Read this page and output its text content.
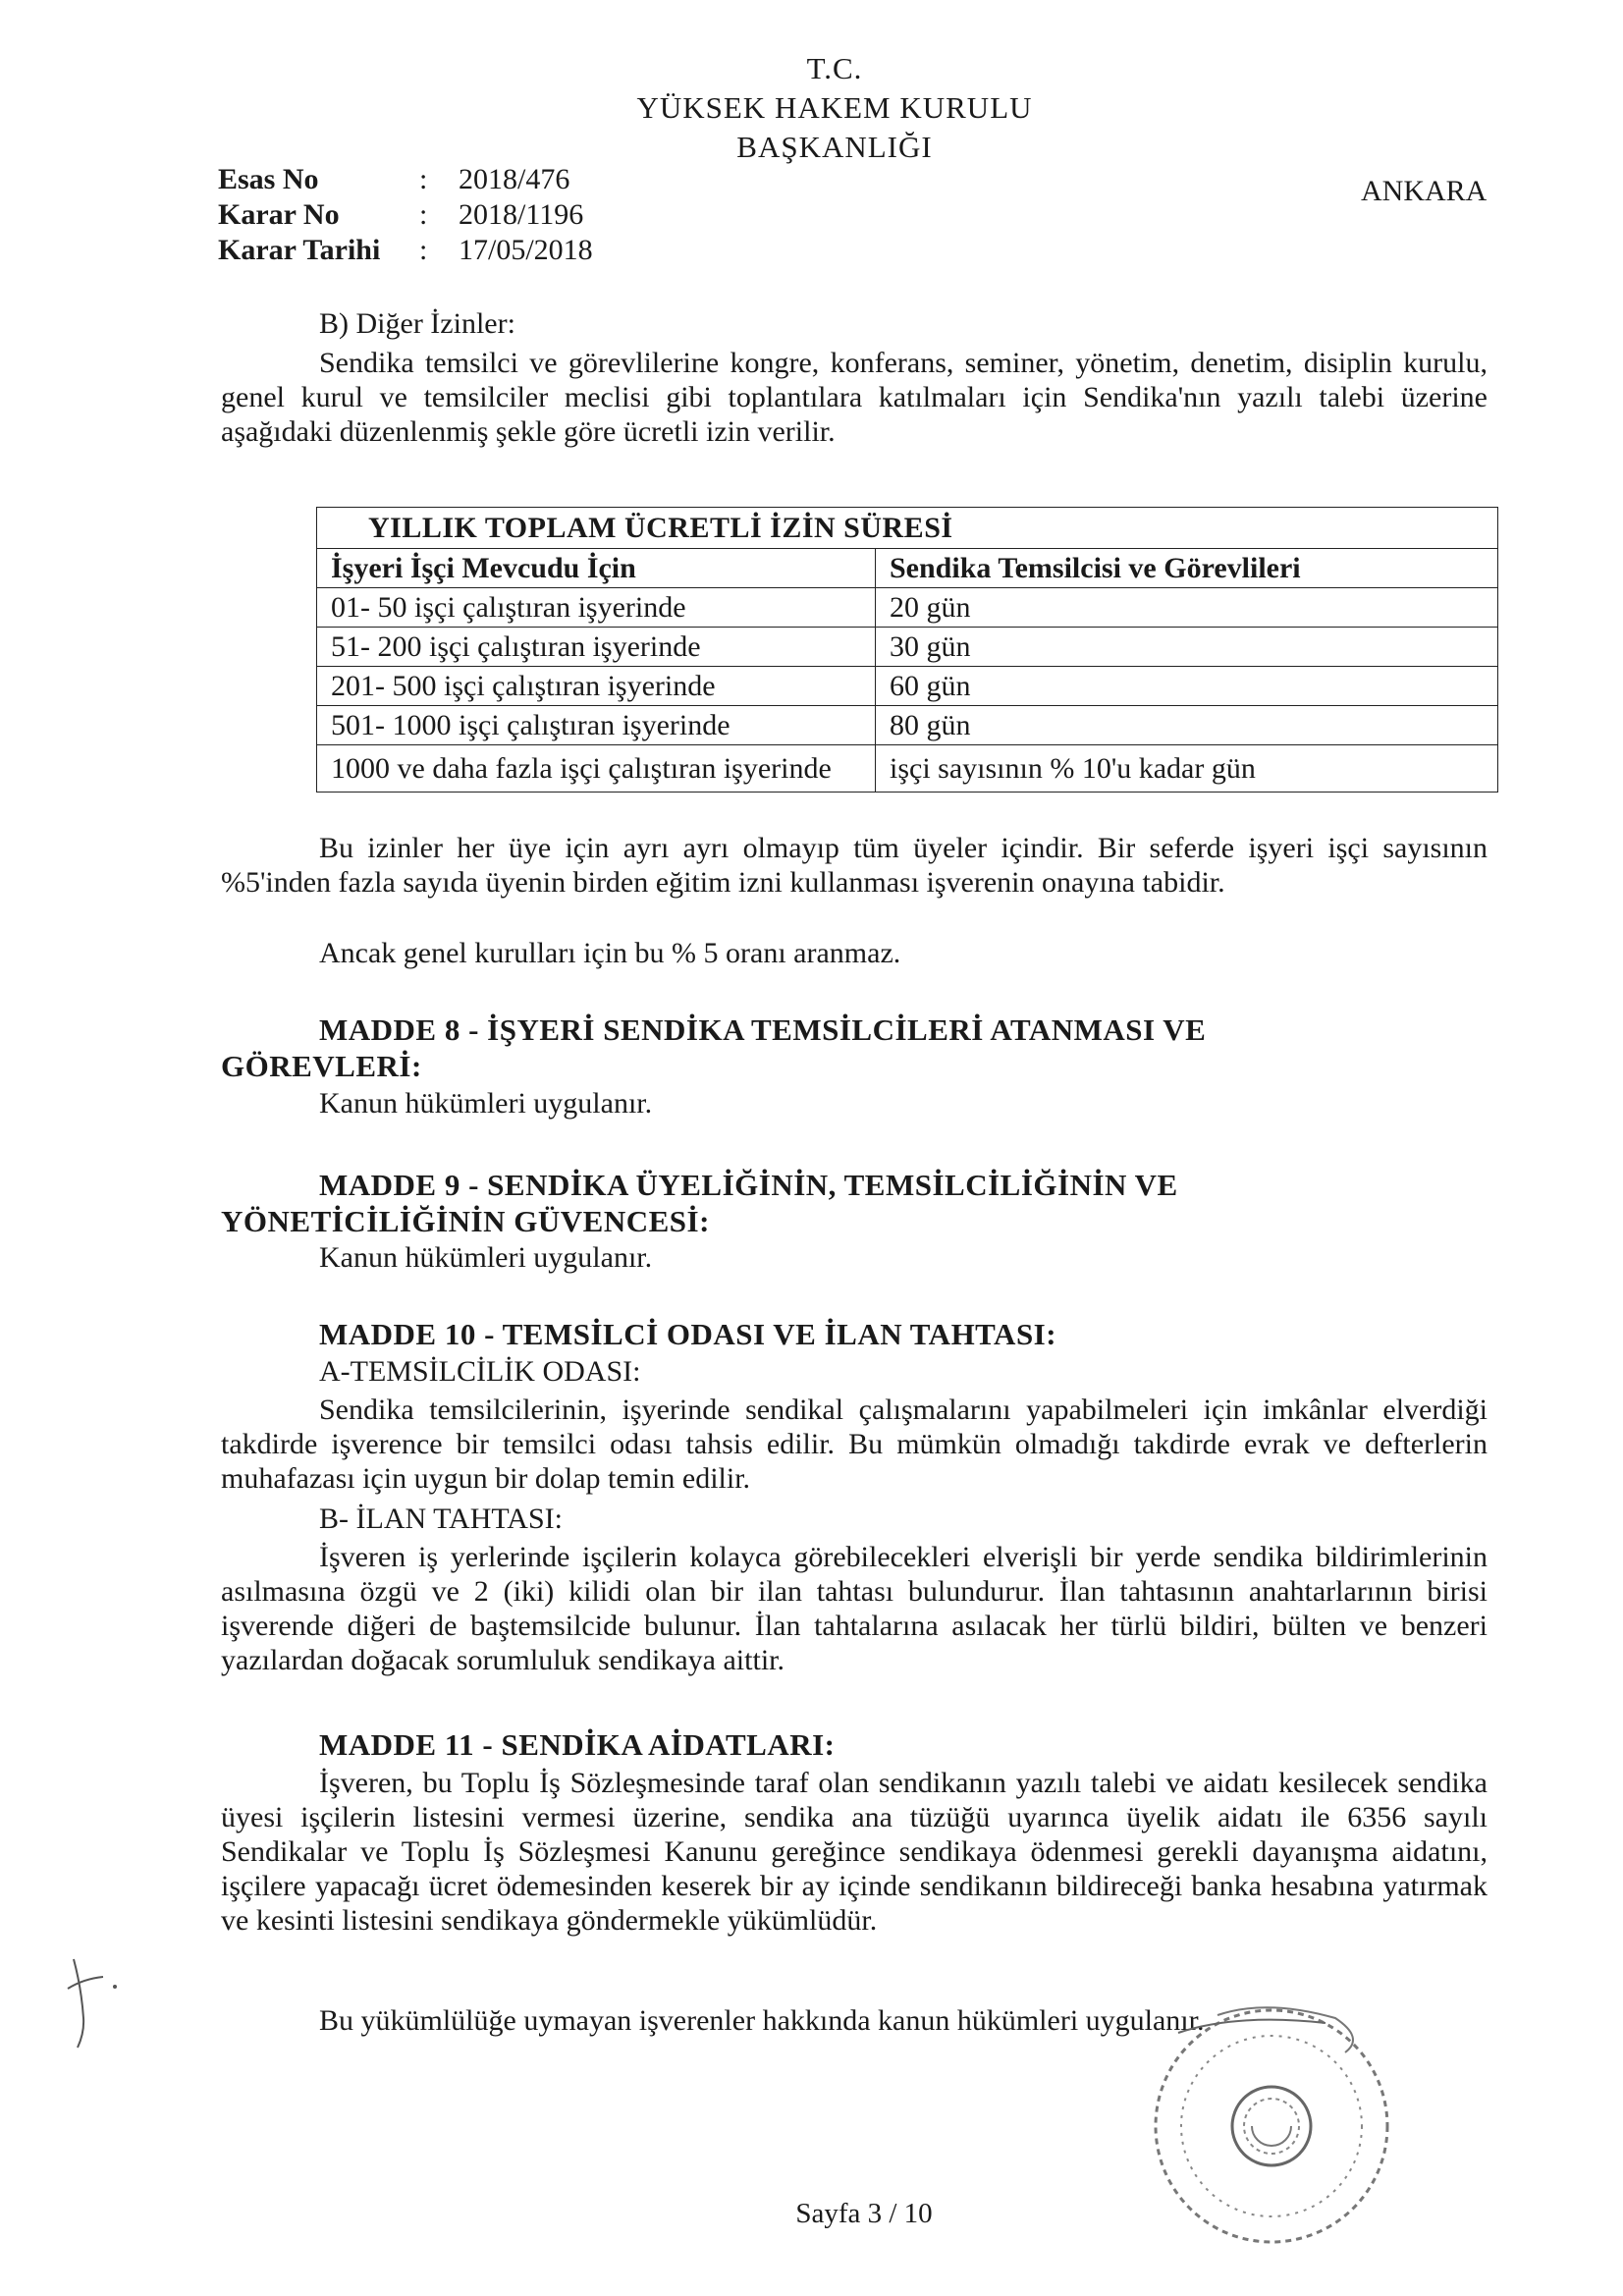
T.C.
YÜKSEK HAKEM KURULU
BAŞKANLIĞI
ANKARA
Esas No	:	2018/476
Karar No	:	2018/1196
Karar Tarihi	:	17/05/2018
B) Diğer İzinler:
Sendika temsilci ve görevlilerine kongre, konferans, seminer, yönetim, denetim, disiplin kurulu, genel kurul ve temsilciler meclisi gibi toplantılara katılmaları için Sendika'nın yazılı talebi üzerine aşağıdaki düzenlenmiş şekle göre ücretli izin verilir.
YILLIK TOPLAM ÜCRETLİ İZİN SÜRESİ	
İşyeri İşçi Mevcudu İçin	Sendika Temsilcisi ve Görevlileri
01- 50 işçi çalıştıran işyerinde	20 gün
51- 200 işçi çalıştıran işyerinde	30 gün
201- 500 işçi çalıştıran işyerinde	60 gün
501- 1000 işçi çalıştıran işyerinde	80 gün
1000 ve daha fazla işçi çalıştıran işyerinde	işçi sayısının % 10'u kadar gün
Bu izinler her üye için ayrı ayrı olmayıp tüm üyeler içindir. Bir seferde işyeri işçi sayısının %5'inden fazla sayıda üyenin birden eğitim izni kullanması işverenin onayına tabidir.
Ancak genel kurulları için bu % 5 oranı aranmaz.
MADDE 8 - İŞYERİ SENDİKA TEMSİLCİLERİ ATANMASI VE
GÖREVLERİ:
Kanun hükümleri uygulanır.
MADDE 9 - SENDİKA ÜYELİĞİNİN, TEMSİLCİLİĞİNİN VE
YÖNETİCİLİĞİNİN GÜVENCESİ:
Kanun hükümleri uygulanır.
MADDE 10 - TEMSİLCİ ODASI VE İLAN TAHTASI:
A-TEMSİLCİLİK ODASI:
Sendika temsilcilerinin, işyerinde sendikal çalışmalarını yapabilmeleri için imkânlar elverdiği takdirde işverence bir temsilci odası tahsis edilir. Bu mümkün olmadığı takdirde evrak ve defterlerin muhafazası için uygun bir dolap temin edilir.
B- İLAN TAHTASI:
İşveren iş yerlerinde işçilerin kolayca görebilecekleri elverişli bir yerde sendika bildirimlerinin asılmasına özgü ve 2 (iki) kilidi olan bir ilan tahtası bulundurur. İlan tahtasının anahtarlarının birisi işverende diğeri de baştemsilcide bulunur. İlan tahtalarına asılacak her türlü bildiri, bülten ve benzeri yazılardan doğacak sorumluluk sendikaya aittir.
MADDE 11 - SENDİKA AİDATLARI:
İşveren, bu Toplu İş Sözleşmesinde taraf olan sendikanın yazılı talebi ve aidatı kesilecek sendika üyesi işçilerin listesini vermesi üzerine, sendika ana tüzüğü uyarınca üyelik aidatı ile 6356 sayılı Sendikalar ve Toplu İş Sözleşmesi Kanunu gereğince sendikaya ödenmesi gerekli dayanışma aidatını, işçilere yapacağı ücret ödemesinden keserek bir ay içinde sendikanın bildireceği banka hesabına yatırmak ve kesinti listesini sendikaya göndermekle yükümlüdür.
Bu yükümlülüğe uymayan işverenler hakkında kanun hükümleri uygulanır.
Sayfa 3 / 10
